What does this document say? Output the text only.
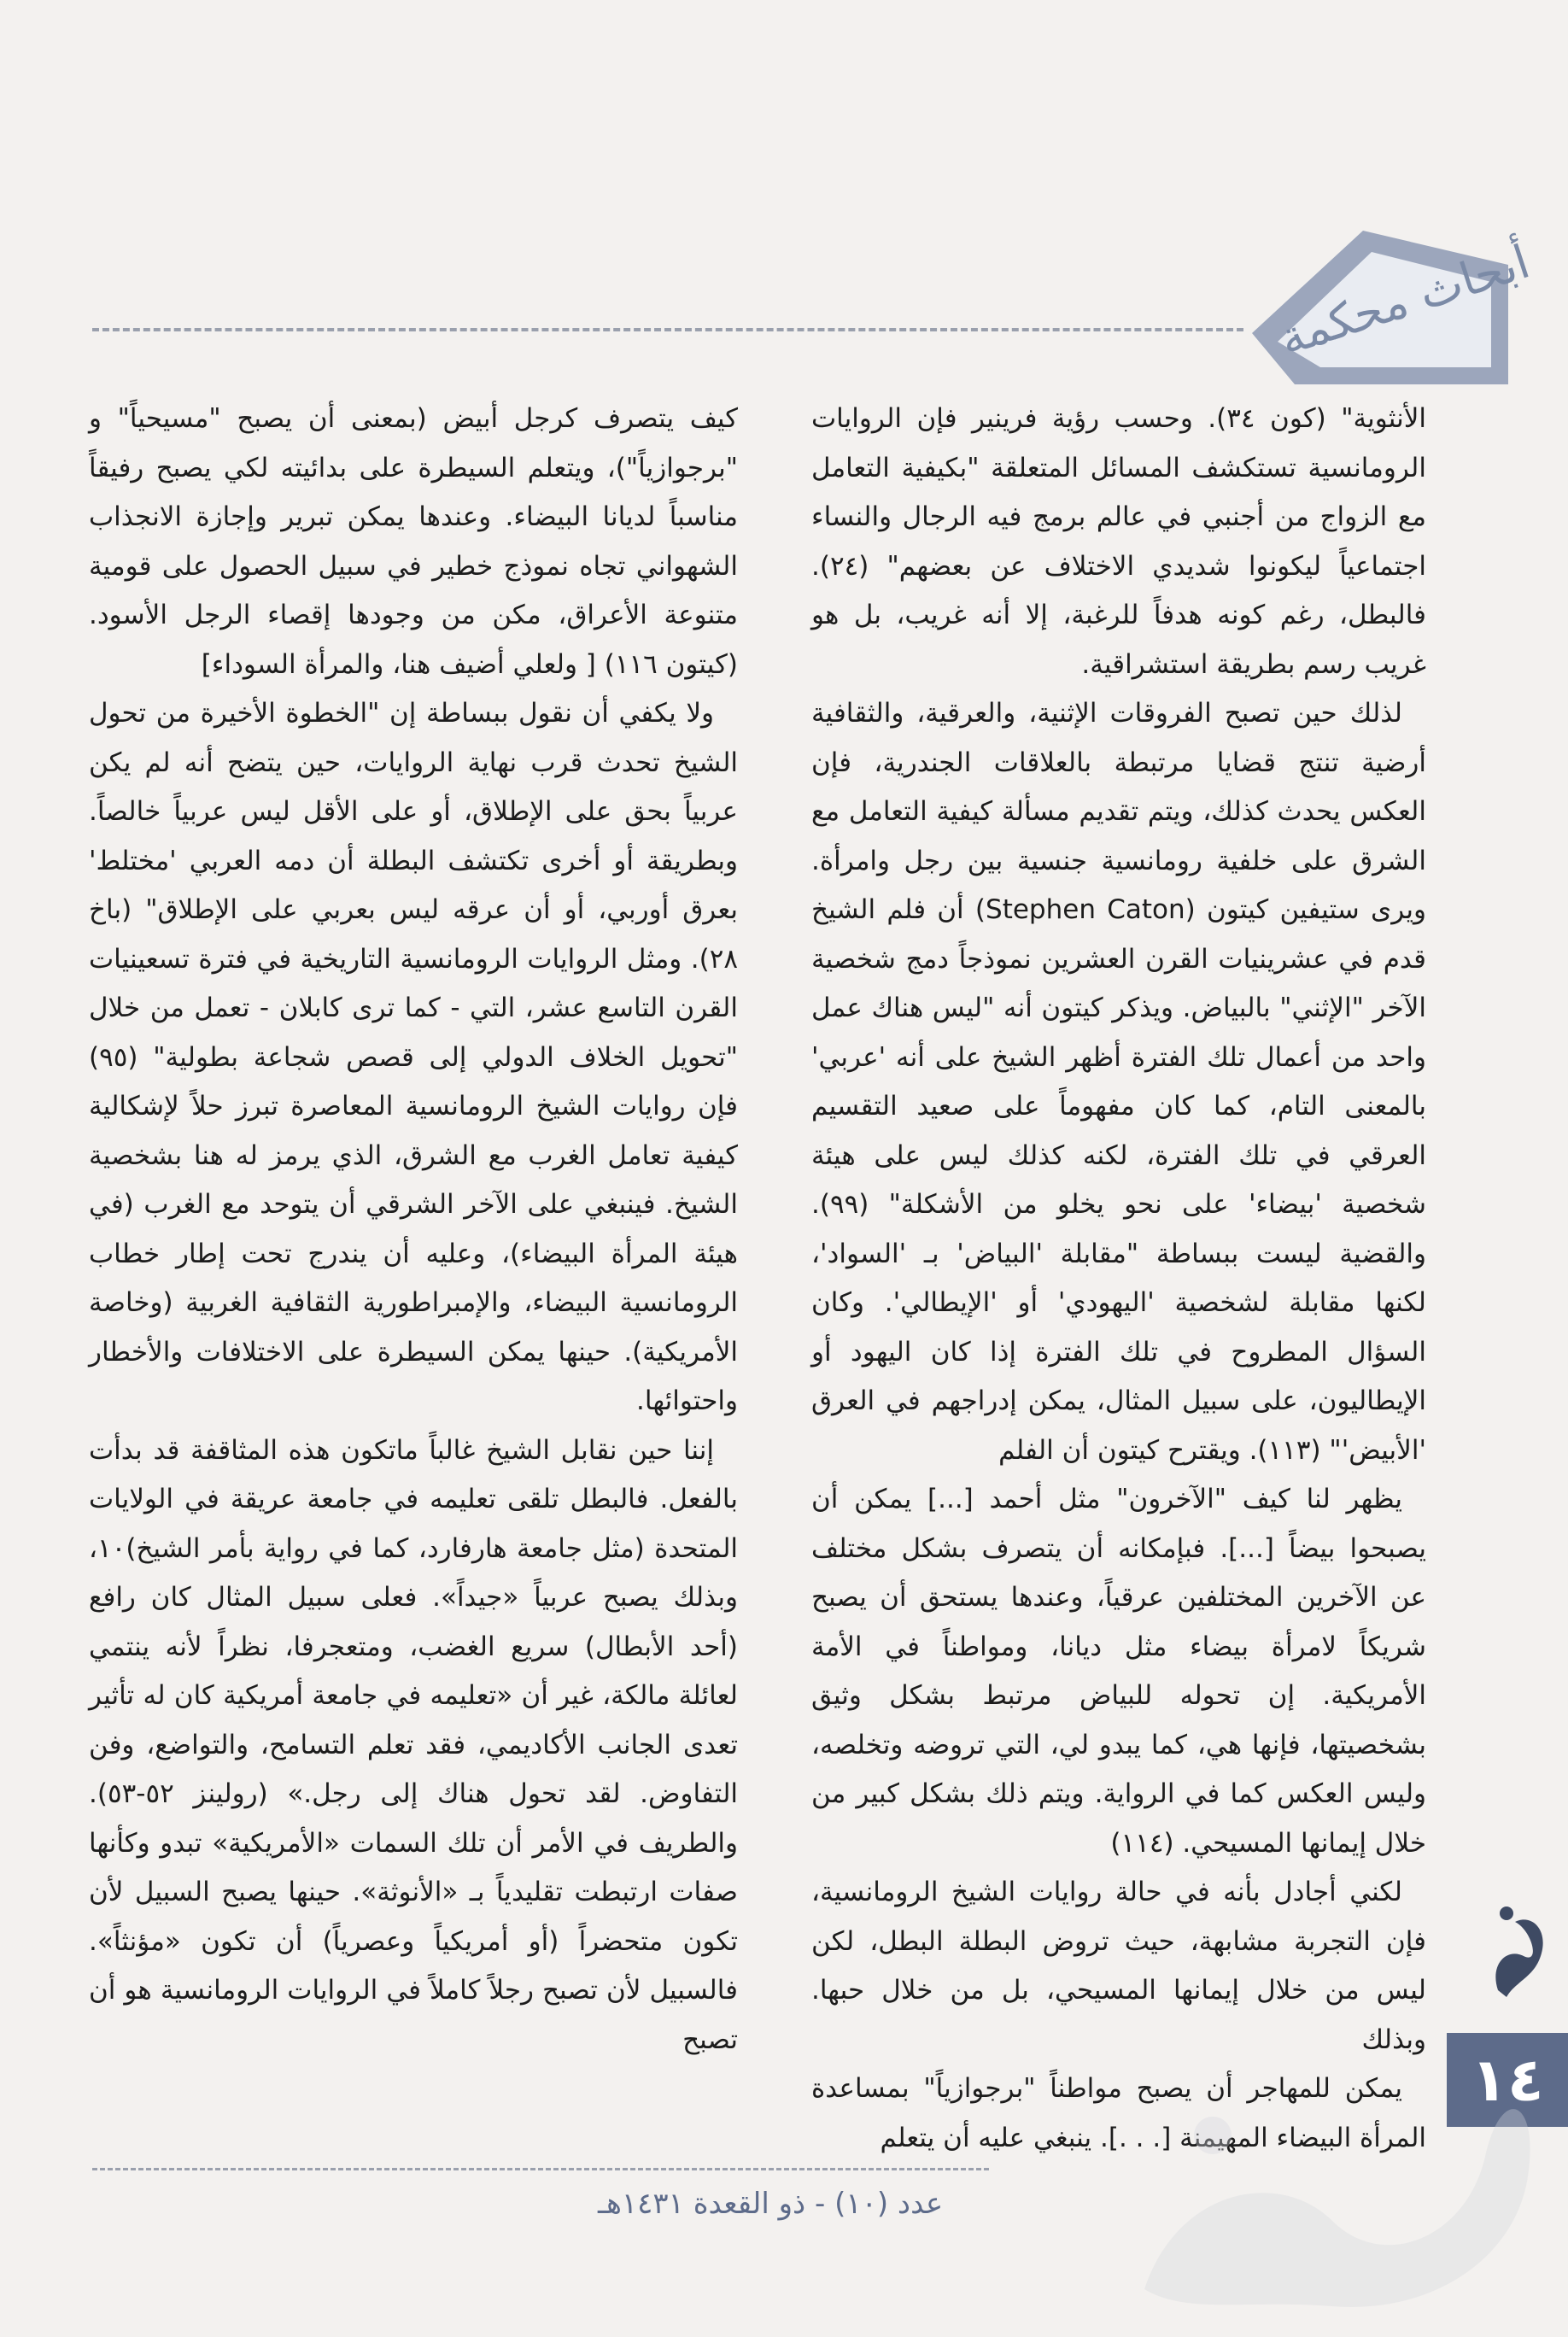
أبحاث محكمة

الأنثوية" (كون ٣٤). وحسب رؤية فرينير فإن الروايات الرومانسية تستكشف المسائل المتعلقة "بكيفية التعامل مع الزواج من أجنبي في عالم برمج فيه الرجال والنساء اجتماعياً ليكونوا شديدي الاختلاف عن بعضهم" (٢٤). فالبطل، رغم كونه هدفاً للرغبة، إلا أنه غريب، بل هو غريب رسم بطريقة استشراقية.

لذلك حين تصبح الفروقات الإثنية، والعرقية، والثقافية أرضية تنتج قضايا مرتبطة بالعلاقات الجندرية، فإن العكس يحدث كذلك، ويتم تقديم مسألة كيفية التعامل مع الشرق على خلفية رومانسية جنسية بين رجل وامرأة. ويرى ستيفين كيتون (Stephen Caton) أن فلم الشيخ قدم في عشرينيات القرن العشرين نموذجاً دمج شخصية الآخر "الإثني" بالبياض. ويذكر كيتون أنه "ليس هناك عمل واحد من أعمال تلك الفترة أظهر الشيخ على أنه 'عربي' بالمعنى التام، كما كان مفهوماً على صعيد التقسيم العرقي في تلك الفترة، لكنه كذلك ليس على هيئة شخصية 'بيضاء' على نحو يخلو من الأشكلة" (٩٩). والقضية ليست ببساطة "مقابلة 'البياض' بـ 'السواد'، لكنها مقابلة لشخصية 'اليهودي' أو 'الإيطالي'. وكان السؤال المطروح في تلك الفترة إذا كان اليهود أو الإيطاليون، على سبيل المثال، يمكن إدراجهم في العرق 'الأبيض'" (١١٣). ويقترح كيتون أن الفلم

يظهر لنا كيف "الآخرون" مثل أحمد [...] يمكن أن يصبحوا بيضاً [...]. فبإمكانه أن يتصرف بشكل مختلف عن الآخرين المختلفين عرقياً، وعندها يستحق أن يصبح شريكاً لامرأة بيضاء مثل ديانا، ومواطناً في الأمة الأمريكية. إن تحوله للبياض مرتبط بشكل وثيق بشخصيتها، فإنها هي، كما يبدو لي، التي تروضه وتخلصه، وليس العكس كما في الرواية. ويتم ذلك بشكل كبير من خلال إيمانها المسيحي. (١١٤)

لكني أجادل بأنه في حالة روايات الشيخ الرومانسية، فإن التجربة مشابهة، حيث تروض البطلة البطل، لكن ليس من خلال إيمانها المسيحي، بل من خلال حبها. وبذلك

يمكن للمهاجر أن يصبح مواطناً "برجوازياً" بمساعدة المرأة البيضاء المهيمنة [. . .]. ينبغي عليه أن يتعلم

كيف يتصرف كرجل أبيض (بمعنى أن يصبح "مسيحياً" و "برجوازياً")، ويتعلم السيطرة على بدائيته لكي يصبح رفيقاً مناسباً لديانا البيضاء. وعندها يمكن تبرير وإجازة الانجذاب الشهواني تجاه نموذج خطير في سبيل الحصول على قومية متنوعة الأعراق، مكن من وجودها إقصاء الرجل الأسود. (كيتون ١١٦) [ ولعلي أضيف هنا، والمرأة السوداء]

ولا يكفي أن نقول ببساطة إن "الخطوة الأخيرة من تحول الشيخ تحدث قرب نهاية الروايات، حين يتضح أنه لم يكن عربياً بحق على الإطلاق، أو على الأقل ليس عربياً خالصاً. وبطريقة أو أخرى تكتشف البطلة أن دمه العربي 'مختلط' بعرق أوربي، أو أن عرقه ليس بعربي على الإطلاق" (باخ ٢٨). ومثل الروايات الرومانسية التاريخية في فترة تسعينيات القرن التاسع عشر، التي - كما ترى كابلان - تعمل من خلال "تحويل الخلاف الدولي إلى قصص شجاعة بطولية" (٩٥) فإن روايات الشيخ الرومانسية المعاصرة تبرز حلاً لإشكالية كيفية تعامل الغرب مع الشرق، الذي يرمز له هنا بشخصية الشيخ. فينبغي على الآخر الشرقي أن يتوحد مع الغرب (في هيئة المرأة البيضاء)، وعليه أن يندرج تحت إطار خطاب الرومانسية البيضاء، والإمبراطورية الثقافية الغربية (وخاصة الأمريكية). حينها يمكن السيطرة على الاختلافات والأخطار واحتوائها.

إننا حين نقابل الشيخ غالباً ماتكون هذه المثاقفة قد بدأت بالفعل. فالبطل تلقى تعليمه في جامعة عريقة في الولايات المتحدة (مثل جامعة هارفارد، كما في رواية بأمر الشيخ)١٠، وبذلك يصبح عربياً «جيداً». فعلى سبيل المثال كان رافع (أحد الأبطال) سريع الغضب، ومتعجرفا، نظراً لأنه ينتمي لعائلة مالكة، غير أن «تعليمه في جامعة أمريكية كان له تأثير تعدى الجانب الأكاديمي، فقد تعلم التسامح، والتواضع، وفن التفاوض. لقد تحول هناك إلى رجل.» (رولينز ٥٢-٥٣). والطريف في الأمر أن تلك السمات «الأمريكية» تبدو وكأنها صفات ارتبطت تقليدياً بـ «الأنوثة». حينها يصبح السبيل لأن تكون متحضراً (أو أمريكياً وعصرياً) أن تكون «مؤنثاً». فالسبيل لأن تصبح رجلاً كاملاً في الروايات الرومانسية هو أن تصبح

١٤
عدد (١٠) - ذو القعدة ١٤٣١هـ
